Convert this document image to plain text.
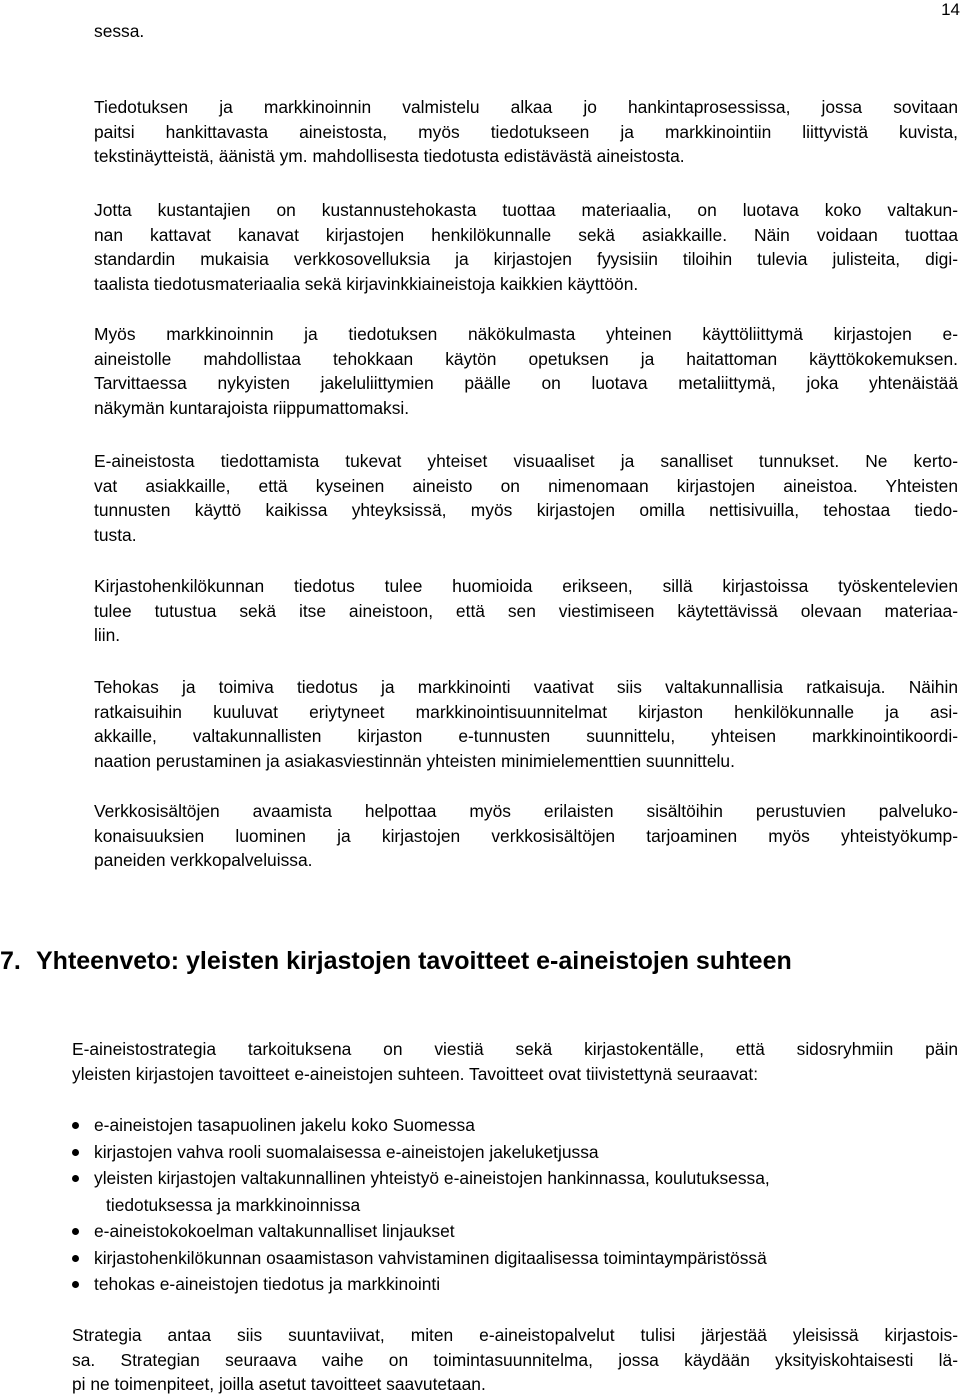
14
sessa.
Tiedotuksen ja markkinoinnin valmistelu alkaa jo hankintaprosessissa, jossa sovitaan
paitsi hankittavasta aineistosta, myös tiedotukseen ja markkinointiin liittyvistä kuvista,
tekstinäytteistä, äänistä ym. mahdollisesta tiedotusta edistävästä aineistosta.
Jotta kustantajien on kustannustehokasta tuottaa materiaalia, on luotava koko valtakun-
nan kattavat kanavat kirjastojen henkilökunnalle sekä asiakkaille. Näin voidaan tuottaa
standardin mukaisia verkkosovelluksia ja kirjastojen fyysisiin tiloihin tulevia julisteita, digi-
taalista tiedotusmateriaalia sekä kirjavinkkiaineistoja kaikkien käyttöön.
Myös markkinoinnin ja tiedotuksen näkökulmasta yhteinen käyttöliittymä kirjastojen e-
aineistolle mahdollistaa tehokkaan käytön opetuksen ja haitattoman käyttökokemuksen.
Tarvittaessa nykyisten jakeluliittymien päälle on luotava metaliittymä, joka yhtenäistää
näkymän kuntarajoista riippumattomaksi.
E-aineistosta tiedottamista tukevat yhteiset visuaaliset ja sanalliset tunnukset. Ne kerto-
vat asiakkaille, että kyseinen aineisto on nimenomaan kirjastojen aineistoa. Yhteisten
tunnusten käyttö kaikissa yhteyksissä, myös kirjastojen omilla nettisivuilla, tehostaa tiedo-
tusta.
Kirjastohenkilökunnan tiedotus tulee huomioida erikseen, sillä kirjastoissa työskentelevien
tulee tutustua sekä itse aineistoon, että sen viestimiseen käytettävissä olevaan materiaa-
liin.
Tehokas ja toimiva tiedotus ja markkinointi vaativat siis valtakunnallisia ratkaisuja. Näihin
ratkaisuihin kuuluvat eriytyneet markkinointisuunnitelmat kirjaston henkilökunnalle ja asi-
akkaille, valtakunnallisten kirjaston e-tunnusten suunnittelu, yhteisen markkinointikoordi-
naation perustaminen ja asiakasviestinnän yhteisten minimielementtien suunnittelu.
Verkkosisältöjen avaamista helpottaa myös erilaisten sisältöihin perustuvien palveluko-
konaisuuksien luominen ja kirjastojen verkkosisältöjen tarjoaminen myös yhteistyökump-
paneiden verkkopalveluissa.
7. Yhteenveto: yleisten kirjastojen tavoitteet e-aineistojen suhteen
E-aineistostrategia tarkoituksena on viestiä sekä kirjastokentälle, että sidosryhmiin päin
yleisten kirjastojen tavoitteet e-aineistojen suhteen. Tavoitteet ovat tiivistettynä seuraavat:
e-aineistojen tasapuolinen jakelu koko Suomessa
kirjastojen vahva rooli suomalaisessa e-aineistojen jakeluketjussa
yleisten kirjastojen valtakunnallinen yhteistyö e-aineistojen hankinnassa, koulutuksessa,
tiedotuksessa ja markkinoinnissa
e-aineistokokoelman valtakunnalliset linjaukset
kirjastohenkilökunnan osaamistason vahvistaminen digitaalisessa toimintaympäristössä
tehokas e-aineistojen tiedotus ja markkinointi
Strategia antaa siis suuntaviivat, miten e-aineistopalvelut tulisi järjestää yleisissä kirjastois-
sa. Strategian seuraava vaihe on toimintasuunnitelma, jossa käydään yksityiskohtaisesti lä-
pi ne toimenpiteet, joilla asetut tavoitteet saavutetaan.
